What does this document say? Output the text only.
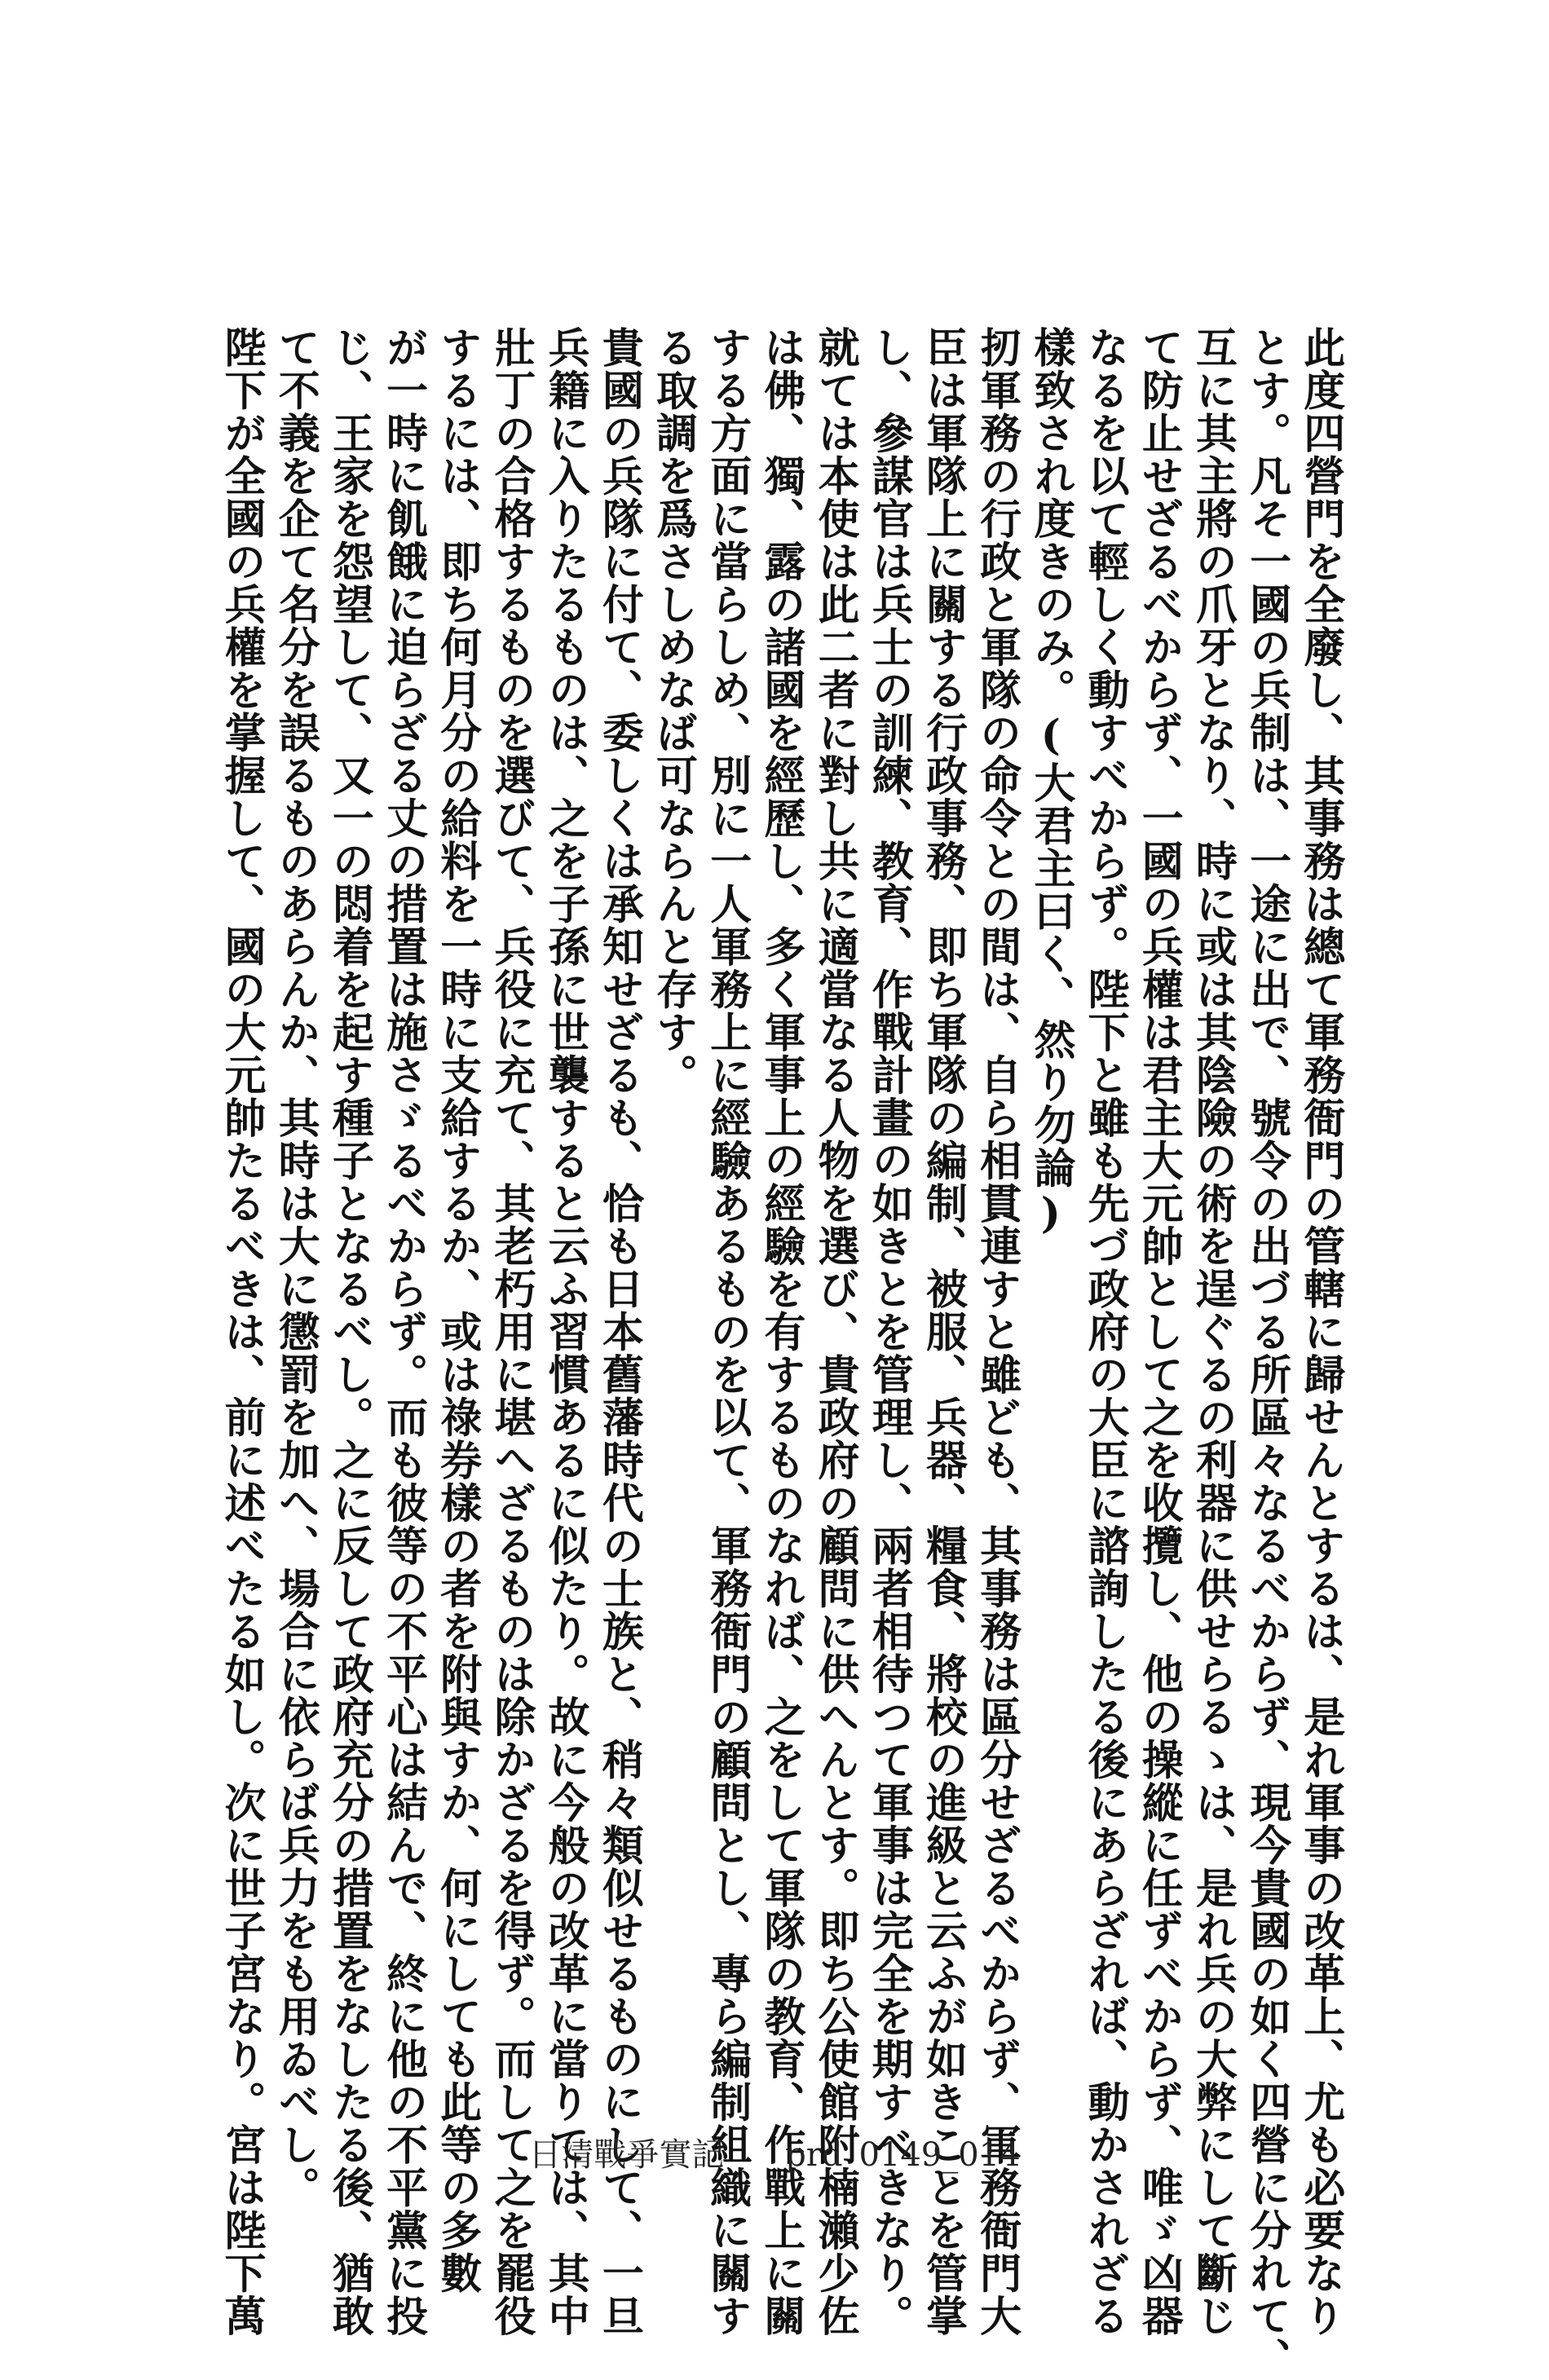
此度四營門を全廢し、其事務は總て軍務衙門の管轄に歸せんとするは、是れ軍事の改革上、尤も必要なり
とす。凡そ一國の兵制は、一途に出で、號令の出づる所區々なるべからず、現今貴國の如く四營に分れて、
互に其主將の爪牙となり、時に或は其陰險の術を逞ぐるの利器に供せらるゝは、是れ兵の大弊にして斷じ
て防止せざるべからず、一國の兵權は君主大元帥として之を收攬し、他の操縱に任ずべからず、唯ゞ凶器
なるを以て輕しく動すべからず。陛下と雖も先づ政府の大臣に諮詢したる後にあらざれば、動かされざる
樣致され度きのみ。(大君主曰く、然り勿論)
扨軍務の行政と軍隊の命令との間は、自ら相貫連すと雖ども、其事務は區分せざるべからず、軍務衙門大
臣は軍隊上に關する行政事務、即ち軍隊の編制、被服、兵器、糧食、將校の進級と云ふが如きことを管掌
し、參謀官は兵士の訓練、教育、作戰計畫の如きとを管理し、兩者相待つて軍事は完全を期すべきなり。
就ては本使は此二者に對し共に適當なる人物を選び、貴政府の顧問に供へんとす。即ち公使館附楠瀨少佐
は佛、獨、露の諸國を經歷し、多く軍事上の經驗を有するものなれば、之をして軍隊の教育、作戰上に關
する方面に當らしめ、別に一人軍務上に經驗あるものを以て、軍務衙門の顧問とし、專ら編制組織に關す
る取調を爲さしめなば可ならんと存す。
貴國の兵隊に付て、委しくは承知せざるも、恰も日本舊藩時代の士族と、稍々類似せるものにして、一旦
兵籍に入りたるものは、之を子孫に世襲すると云ふ習慣あるに似たり。故に今般の改革に當りては、其中
壯丁の合格するものを選びて、兵役に充て、其老朽用に堪へざるものは除かざるを得ず。而して之を罷役
するには、即ち何月分の給料を一時に支給するか、或は祿券樣の者を附與すか、何にしても此等の多數
が一時に飢餓に迫らざる丈の措置は施さゞるべからず。而も彼等の不平心は結んで、終に他の不平黨に投
じ、王家を怨望して、又一の悶着を起す種子となるべし。之に反して政府充分の措置をなしたる後、猶敢
て不義を企て名分を誤るものあらんか、其時は大に懲罰を加へ、場合に依らば兵力をも用ゐべし。
陛下が全國の兵權を掌握して、國の大元帥たるべきは、前に述べたる如し。次に世子宮なり。宮は陛下萬	日清戰爭實記 prd_0149_014
